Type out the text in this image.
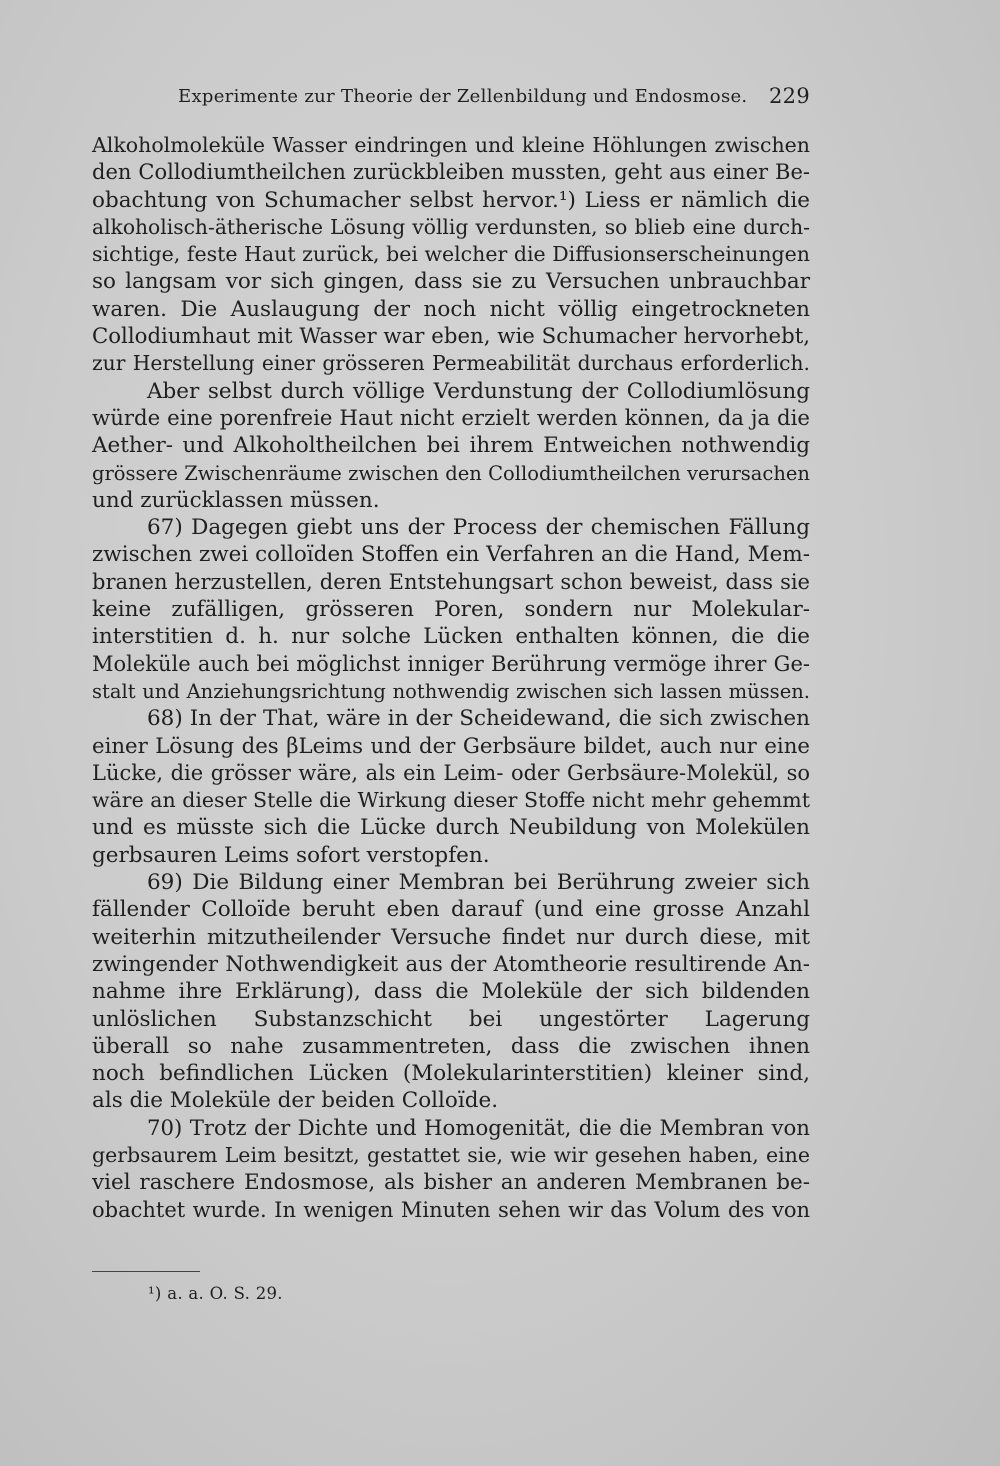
Experimente zur Theorie der Zellenbildung und Endosmose. 229
Alkoholmoleküle Wasser eindringen und kleine Höhlungen zwischen
den Collodiumtheilchen zurückbleiben mussten, geht aus einer Be-
obachtung von Schumacher selbst hervor.¹) Liess er nämlich die
alkoholisch-ätherische Lösung völlig verdunsten, so blieb eine durch-
sichtige, feste Haut zurück, bei welcher die Diffusionserscheinungen
so langsam vor sich gingen, dass sie zu Versuchen unbrauchbar
waren. Die Auslaugung der noch nicht völlig eingetrockneten
Collodiumhaut mit Wasser war eben, wie Schumacher hervorhebt,
zur Herstellung einer grösseren Permeabilität durchaus erforderlich.
Aber selbst durch völlige Verdunstung der Collodiumlösung
würde eine porenfreie Haut nicht erzielt werden können, da ja die
Aether- und Alkoholtheilchen bei ihrem Entweichen nothwendig
grössere Zwischenräume zwischen den Collodiumtheilchen verursachen
und zurücklassen müssen.
67) Dagegen giebt uns der Process der chemischen Fällung
zwischen zwei colloïden Stoffen ein Verfahren an die Hand, Mem-
branen herzustellen, deren Entstehungsart schon beweist, dass sie
keine zufälligen, grösseren Poren, sondern nur Molekular-
interstitien d. h. nur solche Lücken enthalten können, die die
Moleküle auch bei möglichst inniger Berührung vermöge ihrer Ge-
stalt und Anziehungsrichtung nothwendig zwischen sich lassen müssen.
68) In der That, wäre in der Scheidewand, die sich zwischen
einer Lösung des βLeims und der Gerbsäure bildet, auch nur eine
Lücke, die grösser wäre, als ein Leim- oder Gerbsäure-Molekül, so
wäre an dieser Stelle die Wirkung dieser Stoffe nicht mehr gehemmt
und es müsste sich die Lücke durch Neubildung von Molekülen
gerbsauren Leims sofort verstopfen.
69) Die Bildung einer Membran bei Berührung zweier sich
fällender Colloïde beruht eben darauf (und eine grosse Anzahl
weiterhin mitzutheilender Versuche findet nur durch diese, mit
zwingender Nothwendigkeit aus der Atomtheorie resultirende An-
nahme ihre Erklärung), dass die Moleküle der sich bildenden
unlöslichen Substanzschicht bei ungestörter Lagerung
überall so nahe zusammentreten, dass die zwischen ihnen
noch befindlichen Lücken (Molekularinterstitien) kleiner sind,
als die Moleküle der beiden Colloïde.
70) Trotz der Dichte und Homogenität, die die Membran von
gerbsaurem Leim besitzt, gestattet sie, wie wir gesehen haben, eine
viel raschere Endosmose, als bisher an anderen Membranen be-
obachtet wurde. In wenigen Minuten sehen wir das Volum des von
¹) a. a. O. S. 29.
